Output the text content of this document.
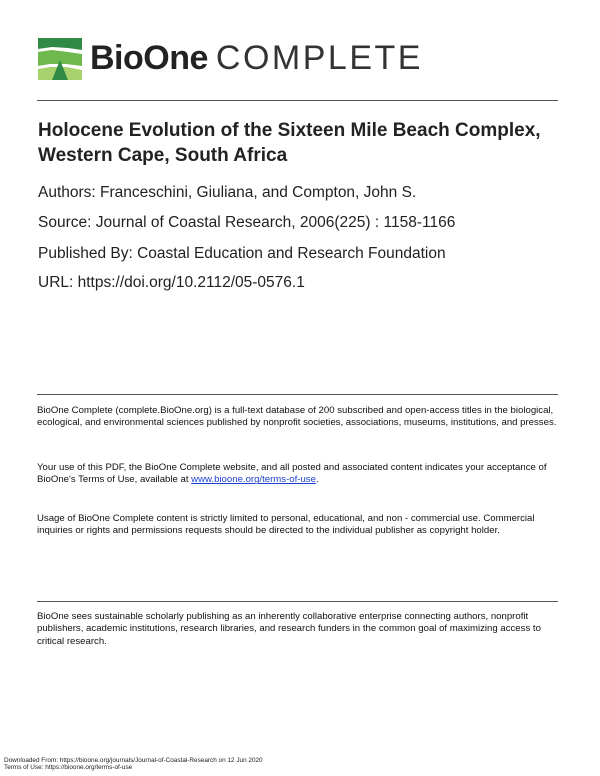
BioOne COMPLETE
Holocene Evolution of the Sixteen Mile Beach Complex, Western Cape, South Africa
Authors: Franceschini, Giuliana, and Compton, John S.
Source: Journal of Coastal Research, 2006(225) : 1158-1166
Published By: Coastal Education and Research Foundation
URL: https://doi.org/10.2112/05-0576.1
BioOne Complete (complete.BioOne.org) is a full-text database of 200 subscribed and open-access titles in the biological, ecological, and environmental sciences published by nonprofit societies, associations, museums, institutions, and presses.
Your use of this PDF, the BioOne Complete website, and all posted and associated content indicates your acceptance of BioOne's Terms of Use, available at www.bioone.org/terms-of-use.
Usage of BioOne Complete content is strictly limited to personal, educational, and non - commercial use. Commercial inquiries or rights and permissions requests should be directed to the individual publisher as copyright holder.
BioOne sees sustainable scholarly publishing as an inherently collaborative enterprise connecting authors, nonprofit publishers, academic institutions, research libraries, and research funders in the common goal of maximizing access to critical research.
Downloaded From: https://bioone.org/journals/Journal-of-Coastal-Research on 12 Jun 2020
Terms of Use: https://bioone.org/terms-of-use
